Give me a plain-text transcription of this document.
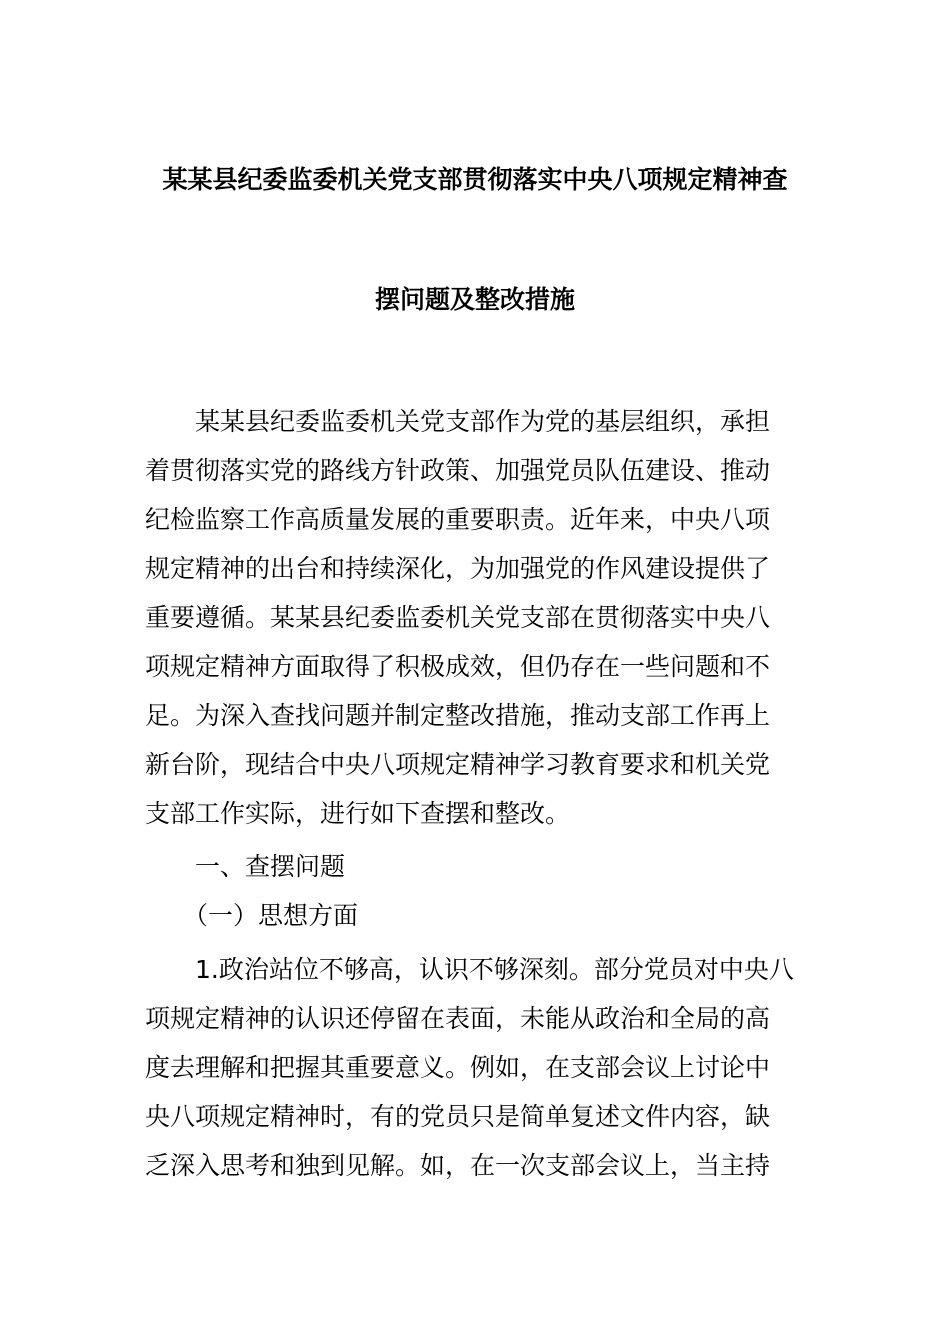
某某县纪委监委机关党支部贯彻落实中央八项规定精神查
摆问题及整改措施
某某县纪委监委机关党支部作为党的基层组织，承担
着贯彻落实党的路线方针政策、加强党员队伍建设、推动
纪检监察工作高质量发展的重要职责。近年来，中央八项
规定精神的出台和持续深化，为加强党的作风建设提供了
重要遵循。某某县纪委监委机关党支部在贯彻落实中央八
项规定精神方面取得了积极成效，但仍存在一些问题和不
足。为深入查找问题并制定整改措施，推动支部工作再上
新台阶，现结合中央八项规定精神学习教育要求和机关党
支部工作实际，进行如下查摆和整改。
一、查摆问题
（一）思想方面
1.政治站位不够高，认识不够深刻。部分党员对中央八
项规定精神的认识还停留在表面，未能从政治和全局的高
度去理解和把握其重要意义。例如，在支部会议上讨论中
央八项规定精神时，有的党员只是简单复述文件内容，缺
乏深入思考和独到见解。如，在一次支部会议上，当主持
